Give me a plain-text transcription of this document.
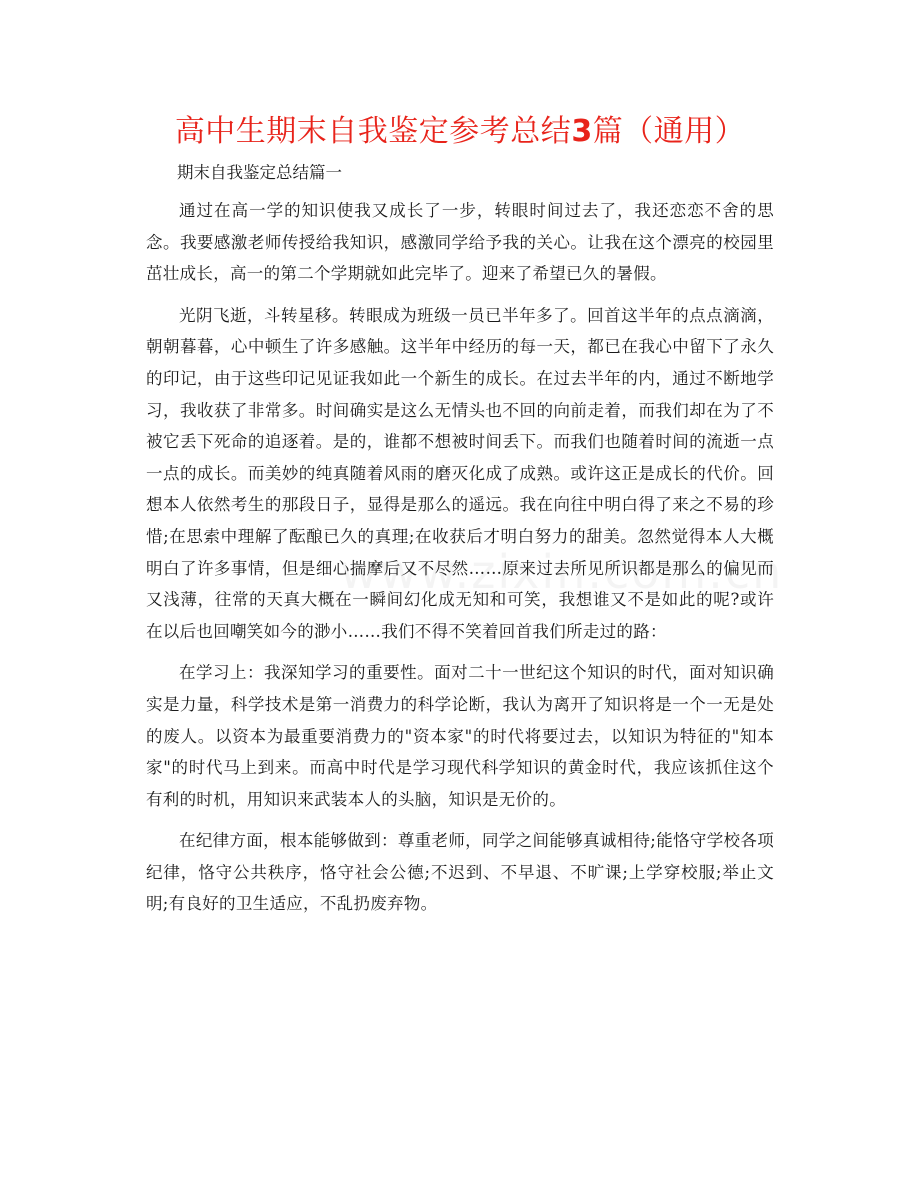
高中生期末自我鉴定参考总结3篇（通用）
期末自我鉴定总结篇一

通过在高一学的知识使我又成长了一步，转眼时间过去了，我还恋恋不舍的思念。我要感激老师传授给我知识，感激同学给予我的关心。让我在这个漂亮的校园里茁壮成长，高一的第二个学期就如此完毕了。迎来了希望已久的暑假。

光阴飞逝，斗转星移。转眼成为班级一员已半年多了。回首这半年的点点滴滴，朝朝暮暮，心中顿生了许多感触。这半年中经历的每一天，都已在我心中留下了永久的印记，由于这些印记见证我如此一个新生的成长。在过去半年的内，通过不断地学习，我收获了非常多。时间确实是这么无情头也不回的向前走着，而我们却在为了不被它丢下死命的追逐着。是的，谁都不想被时间丢下。而我们也随着时间的流逝一点一点的成长。而美妙的纯真随着风雨的磨灭化成了成熟。或许这正是成长的代价。回想本人依然考生的那段日子，显得是那么的遥远。我在向往中明白得了来之不易的珍惜;在思索中理解了酝酿已久的真理;在收获后才明白努力的甜美。忽然觉得本人大概明白了许多事情，但是细心揣摩后又不尽然……原来过去所见所识都是那么的偏见而又浅薄，往常的天真大概在一瞬间幻化成无知和可笑，我想谁又不是如此的呢?或许在以后也回嘲笑如今的渺小……我们不得不笑着回首我们所走过的路：

在学习上：我深知学习的重要性。面对二十一世纪这个知识的时代，面对知识确实是力量，科学技术是第一消费力的科学论断，我认为离开了知识将是一个一无是处的废人。以资本为最重要消费力的"资本家"的时代将要过去，以知识为特征的"知本家"的时代马上到来。而高中时代是学习现代科学知识的黄金时代，我应该抓住这个有利的时机，用知识来武装本人的头脑，知识是无价的。

在纪律方面，根本能够做到：尊重老师，同学之间能够真诚相待;能恪守学校各项纪律，恪守公共秩序，恪守社会公德;不迟到、不早退、不旷课;上学穿校服;举止文明;有良好的卫生适应，不乱扔废弃物。
